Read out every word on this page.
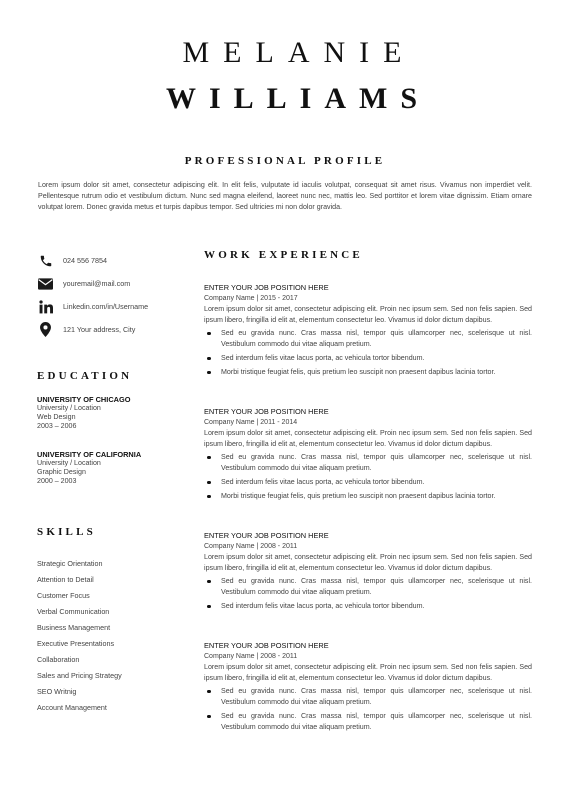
MELANIE
WILLIAMS
PROFESSIONAL PROFILE
Lorem ipsum dolor sit amet, consectetur adipiscing elit. In elit felis, vulputate id iaculis volutpat, consequat sit amet risus. Vivamus non imperdiet velit. Pellentesque rutrum odio et vestibulum dictum. Nunc sed magna eleifend, laoreet nunc nec, mattis leo. Sed porttitor et lorem vitae dignissim. Etiam ornare volutpat lorem. Donec gravida metus et turpis dapibus tempor. Sed ultricies mi non dolor gravida.
024 556 7854
youremail@mail.com
Linkedin.com/in/Username
121 Your address, City
EDUCATION
UNIVERSITY OF CHICAGO
University / Location
Web Design
2003 – 2006
UNIVERSITY OF CALIFORNIA
University / Location
Graphic Design
2000 – 2003
SKILLS
Strategic Orientation
Attention to Detail
Customer Focus
Verbal Communication
Business Management
Executive Presentations
Collaboration
Sales and Pricing Strategy
SEO Writnig
Account Management
WORK EXPERIENCE
ENTER YOUR JOB POSITION HERE
Company Name | 2015 - 2017
Lorem ipsum dolor sit amet, consectetur adipiscing elit. Proin nec ipsum sem. Sed non felis sapien. Sed ipsum libero, fringilla id elit at, elementum consectetur leo. Vivamus id dolor dictum dapibus.
Sed eu gravida nunc. Cras massa nisl, tempor quis ullamcorper nec, scelerisque ut nisl. Vestibulum commodo dui vitae aliquam pretium.
Sed interdum felis vitae lacus porta, ac vehicula tortor bibendum.
Morbi tristique feugiat felis, quis pretium leo suscipit non praesent dapibus lacinia tortor.
ENTER YOUR JOB POSITION HERE
Company Name | 2011 - 2014
Lorem ipsum dolor sit amet, consectetur adipiscing elit. Proin nec ipsum sem. Sed non felis sapien. Sed ipsum libero, fringilla id elit at, elementum consectetur leo. Vivamus id dolor dictum dapibus.
Sed eu gravida nunc. Cras massa nisl, tempor quis ullamcorper nec, scelerisque ut nisl. Vestibulum commodo dui vitae aliquam pretium.
Sed interdum felis vitae lacus porta, ac vehicula tortor bibendum.
Morbi tristique feugiat felis, quis pretium leo suscipit non praesent dapibus lacinia tortor.
ENTER YOUR JOB POSITION HERE
Company Name | 2008 - 2011
Lorem ipsum dolor sit amet, consectetur adipiscing elit. Proin nec ipsum sem. Sed non felis sapien. Sed ipsum libero, fringilla id elit at, elementum consectetur leo. Vivamus id dolor dictum dapibus.
Sed eu gravida nunc. Cras massa nisl, tempor quis ullamcorper nec, scelerisque ut nisl. Vestibulum commodo dui vitae aliquam pretium.
Sed interdum felis vitae lacus porta, ac vehicula tortor bibendum.
ENTER YOUR JOB POSITION HERE
Company Name | 2008 - 2011
Lorem ipsum dolor sit amet, consectetur adipiscing elit. Proin nec ipsum sem. Sed non felis sapien. Sed ipsum libero, fringilla id elit at, elementum consectetur leo. Vivamus id dolor dictum dapibus.
Sed eu gravida nunc. Cras massa nisl, tempor quis ullamcorper nec, scelerisque ut nisl. Vestibulum commodo dui vitae aliquam pretium.
Sed eu gravida nunc. Cras massa nisl, tempor quis ullamcorper nec, scelerisque ut nisl. Vestibulum commodo dui vitae aliquam pretium.
